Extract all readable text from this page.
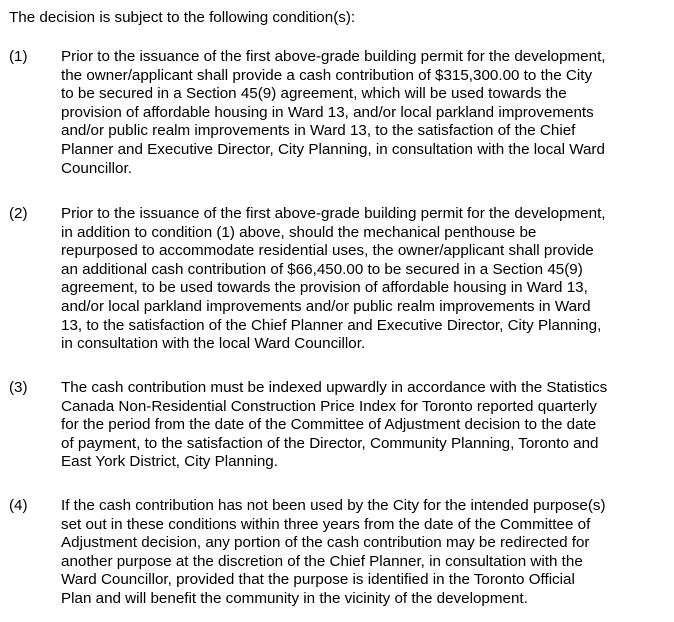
The decision is subject to the following condition(s):
(1) Prior to the issuance of the first above-grade building permit for the development,
the owner/applicant shall provide a cash contribution of $315,300.00 to the City
to be secured in a Section 45(9) agreement, which will be used towards the
provision of affordable housing in Ward 13, and/or local parkland improvements
and/or public realm improvements in Ward 13, to the satisfaction of the Chief
Planner and Executive Director, City Planning, in consultation with the local Ward
Councillor.
(2) Prior to the issuance of the first above-grade building permit for the development,
in addition to condition (1) above, should the mechanical penthouse be
repurposed to accommodate residential uses, the owner/applicant shall provide
an additional cash contribution of $66,450.00 to be secured in a Section 45(9)
agreement, to be used towards the provision of affordable housing in Ward 13,
and/or local parkland improvements and/or public realm improvements in Ward
13, to the satisfaction of the Chief Planner and Executive Director, City Planning,
in consultation with the local Ward Councillor.
(3) The cash contribution must be indexed upwardly in accordance with the Statistics
Canada Non-Residential Construction Price Index for Toronto reported quarterly
for the period from the date of the Committee of Adjustment decision to the date
of payment, to the satisfaction of the Director, Community Planning, Toronto and
East York District, City Planning.
(4) If the cash contribution has not been used by the City for the intended purpose(s)
set out in these conditions within three years from the date of the Committee of
Adjustment decision, any portion of the cash contribution may be redirected for
another purpose at the discretion of the Chief Planner, in consultation with the
Ward Councillor, provided that the purpose is identified in the Toronto Official
Plan and will benefit the community in the vicinity of the development.
